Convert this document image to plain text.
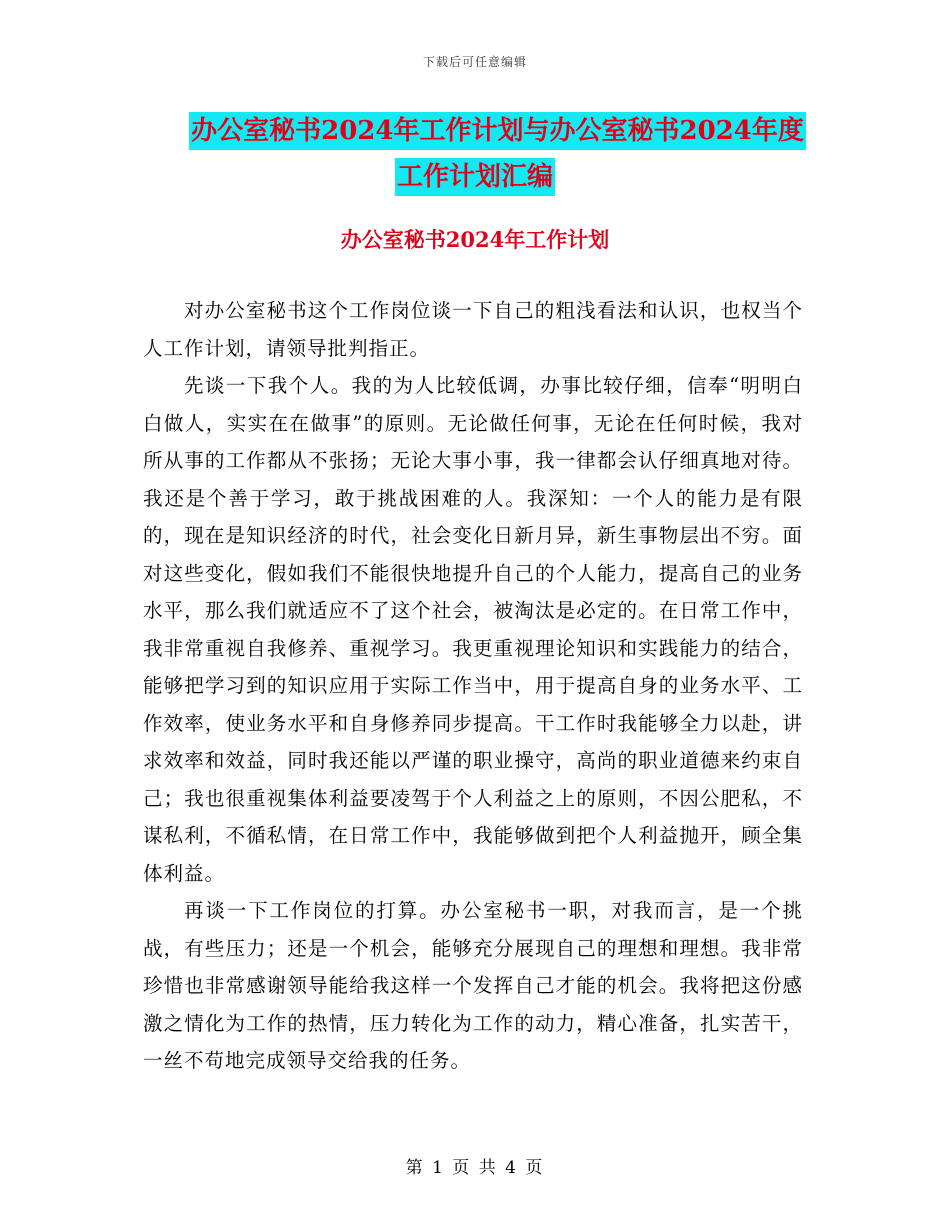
下载后可任意编辑
办公室秘书2024年工作计划与办公室秘书2024年度
工作计划汇编
办公室秘书2024年工作计划

对办公室秘书这个工作岗位谈一下自己的粗浅看法和认识，也权当个人工作计划，请领导批判指正。

先谈一下我个人。我的为人比较低调，办事比较仔细，信奉“明明白白做人，实实在在做事”的原则。无论做任何事，无论在任何时候，我对所从事的工作都从不张扬；无论大事小事，我一律都会认仔细真地对待。我还是个善于学习，敢于挑战困难的人。我深知：一个人的能力是有限的，现在是知识经济的时代，社会变化日新月异，新生事物层出不穷。面对这些变化，假如我们不能很快地提升自己的个人能力，提高自己的业务水平，那么我们就适应不了这个社会，被淘汰是必定的。在日常工作中，我非常重视自我修养、重视学习。我更重视理论知识和实践能力的结合，能够把学习到的知识应用于实际工作当中，用于提高自身的业务水平、工作效率，使业务水平和自身修养同步提高。干工作时我能够全力以赴，讲求效率和效益，同时我还能以严谨的职业操守，高尚的职业道德来约束自己；我也很重视集体利益要凌驾于个人利益之上的原则，不因公肥私，不谋私利，不循私情，在日常工作中，我能够做到把个人利益抛开，顾全集体利益。

再谈一下工作岗位的打算。办公室秘书一职，对我而言，是一个挑战，有些压力；还是一个机会，能够充分展现自己的理想和理想。我非常珍惜也非常感谢领导能给我这样一个发挥自己才能的机会。我将把这份感激之情化为工作的热情，压力转化为工作的动力，精心准备，扎实苦干，一丝不苟地完成领导交给我的任务。

第 1 页 共 4 页
